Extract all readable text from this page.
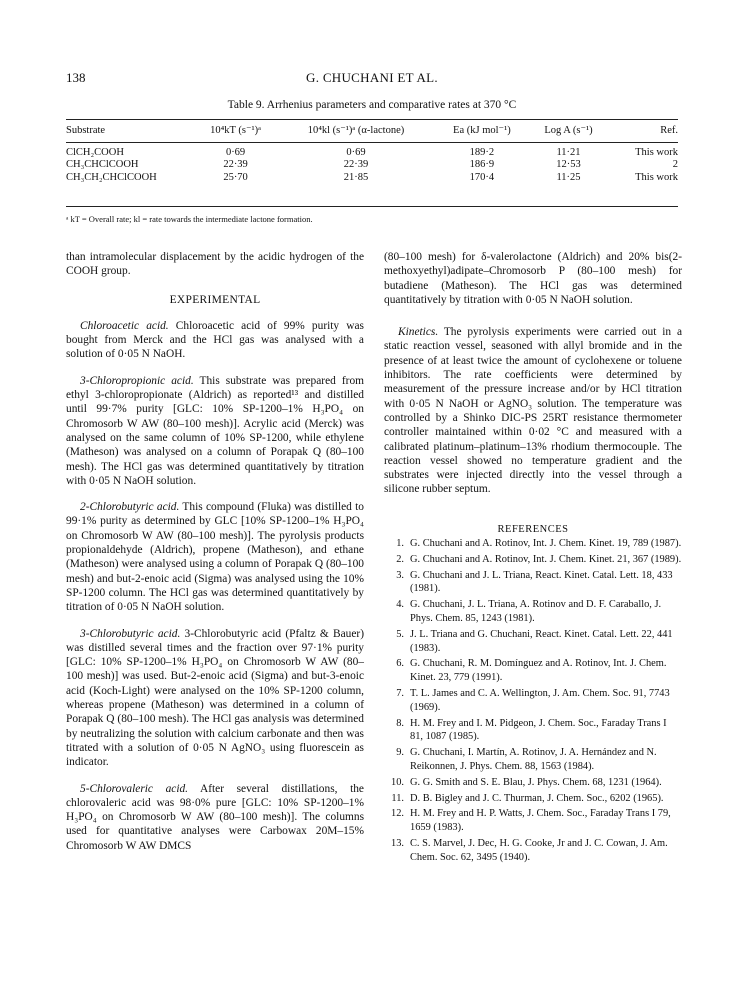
138	G. CHUCHANI ET AL.
Table 9. Arrhenius parameters and comparative rates at 370 °C
Substrate	10⁴kT (s⁻¹)ᵃ	10⁴kl (s⁻¹)ᵃ (α-lactone)	Ea (kJ mol⁻¹)	Log A (s⁻¹)	Ref.

ClCH₂COOH	0·69	0·69	189·2	11·21	This work
CH₃CHClCOOH	22·39	22·39	186·9	12·53	2
CH₃CH₂CHClCOOH	25·70	21·85	170·4	11·25	This work
ᵃ kT = Overall rate; kl = rate towards the intermediate lactone formation.

than intramolecular displacement by the acidic hydrogen of the COOH group.

EXPERIMENTAL

Chloroacetic acid. Chloroacetic acid of 99% purity was bought from Merck and the HCl gas was analysed with a solution of 0·05 N NaOH.

3-Chloropropionic acid. This substrate was prepared from ethyl 3-chloropropionate (Aldrich) as reported¹³ and distilled until 99·7% purity [GLC: 10% SP-1200–1% H₃PO₄ on Chromosorb W AW (80–100 mesh)]. Acrylic acid (Merck) was analysed on the same column of 10% SP-1200, while ethylene (Matheson) was analysed on a column of Porapak Q (80–100 mesh). The HCl gas was determined quantitatively by titration with 0·05 N NaOH solution.

2-Chlorobutyric acid. This compound (Fluka) was distilled to 99·1% purity as determined by GLC [10% SP-1200–1% H₃PO₄ on Chromosorb W AW (80–100 mesh)]. The pyrolysis products propionaldehyde (Aldrich), propene (Matheson), and ethane (Matheson) were analysed using a column of Porapak Q (80–100 mesh) and but-2-enoic acid (Sigma) was analysed using the 10% SP-1200 column. The HCl gas was determined quantitatively by titration of 0·05 N NaOH solution.

3-Chlorobutyric acid. 3-Chlorobutyric acid (Pfaltz & Bauer) was distilled several times and the fraction over 97·1% purity [GLC: 10% SP-1200–1% H₃PO₄ on Chromosorb W AW (80–100 mesh)] was used. But-2-enoic acid (Sigma) and but-3-enoic acid (Koch-Light) were analysed on the 10% SP-1200 column, whereas propene (Matheson) was determined in a column of Porapak Q (80–100 mesh). The HCl gas analysis was determined by neutralizing the solution with calcium carbonate and then was titrated with a solution of 0·05 N AgNO₃ using fluorescein as indicator.

5-Chlorovaleric acid. After several distillations, the chlorovaleric acid was 98·0% pure [GLC: 10% SP-1200–1% H₃PO₄ on Chromosorb W AW (80–100 mesh)]. The columns used for quantitative analyses were Carbowax 20M–15% Chromosorb W AW DMCS

(80–100 mesh) for δ-valerolactone (Aldrich) and 20% bis(2-methoxyethyl)adipate–Chromosorb P (80–100 mesh) for butadiene (Matheson). The HCl gas was determined quantitatively by titration with 0·05 N NaOH solution.

Kinetics. The pyrolysis experiments were carried out in a static reaction vessel, seasoned with allyl bromide and in the presence of at least twice the amount of cyclohexene or toluene inhibitors. The rate coefficients were determined by measurement of the pressure increase and/or by HCl titration with 0·05 N NaOH or AgNO₃ solution. The temperature was controlled by a Shinko DIC-PS 25RT resistance thermometer controller maintained within 0·02 °C and measured with a calibrated platinum–platinum–13% rhodium thermocouple. The reaction vessel showed no temperature gradient and the substrates were injected directly into the vessel through a silicone rubber septum.

REFERENCES

1. G. Chuchani and A. Rotinov, Int. J. Chem. Kinet. 19, 789 (1987).
2. G. Chuchani and A. Rotinov, Int. J. Chem. Kinet. 21, 367 (1989).
3. G. Chuchani and J. L. Triana, React. Kinet. Catal. Lett. 18, 433 (1981).
4. G. Chuchani, J. L. Triana, A. Rotinov and D. F. Caraballo, J. Phys. Chem. 85, 1243 (1981).
5. J. L. Triana and G. Chuchani, React. Kinet. Catal. Lett. 22, 441 (1983).
6. G. Chuchani, R. M. Domínguez and A. Rotinov, Int. J. Chem. Kinet. 23, 779 (1991).
7. T. L. James and C. A. Wellington, J. Am. Chem. Soc. 91, 7743 (1969).
8. H. M. Frey and I. M. Pidgeon, J. Chem. Soc., Faraday Trans I 81, 1087 (1985).
9. G. Chuchani, I. Martín, A. Rotinov, J. A. Hernández and N. Reikonnen, J. Phys. Chem. 88, 1563 (1984).
10. G. G. Smith and S. E. Blau, J. Phys. Chem. 68, 1231 (1964).
11. D. B. Bigley and J. C. Thurman, J. Chem. Soc., 6202 (1965).
12. H. M. Frey and H. P. Watts, J. Chem. Soc., Faraday Trans I 79, 1659 (1983).
13. C. S. Marvel, J. Dec, H. G. Cooke, Jr and J. C. Cowan, J. Am. Chem. Soc. 62, 3495 (1940).
